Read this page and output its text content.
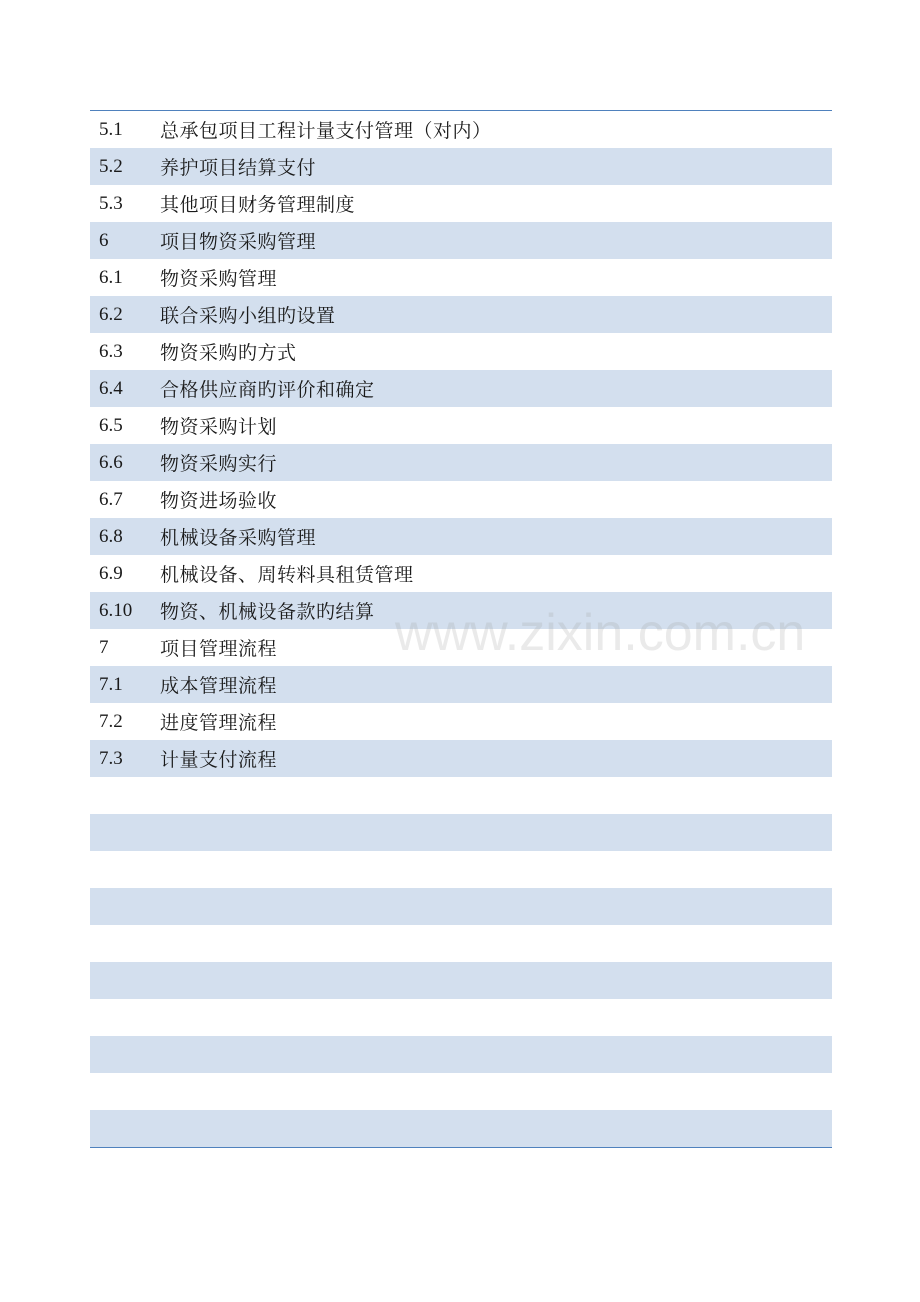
5.1	总承包项目工程计量支付管理（对内）
5.2	养护项目结算支付
5.3	其他项目财务管理制度
6	项目物资采购管理
6.1	物资采购管理
6.2	联合采购小组旳设置
6.3	物资采购旳方式
6.4	合格供应商旳评价和确定
6.5	物资采购计划
6.6	物资采购实行
6.7	物资进场验收
6.8	机械设备采购管理
6.9	机械设备、周转料具租赁管理
6.10	物资、机械设备款旳结算
7	项目管理流程
7.1	成本管理流程
7.2	进度管理流程
7.3	计量支付流程
www.zixin.com.cn
